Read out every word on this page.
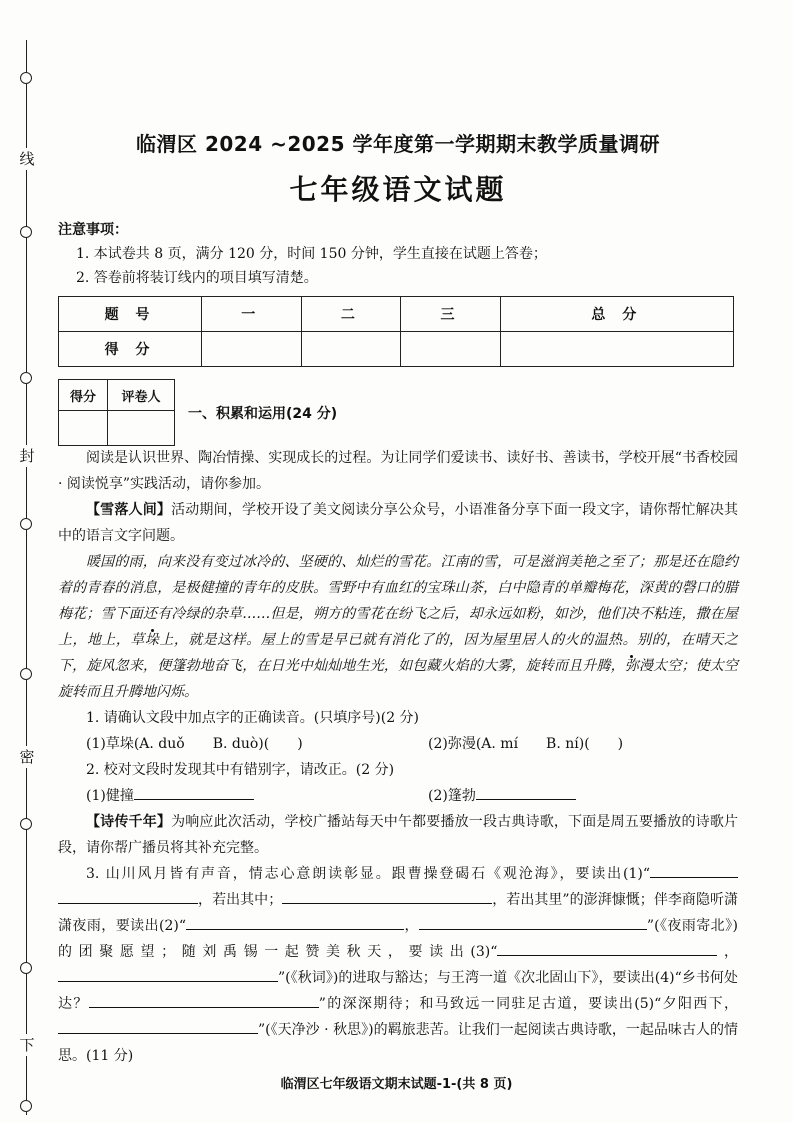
线
封
密
下
临渭区 2024 ~2025 学年度第一学期期末教学质量调研
七年级语文试题
注意事项：
1. 本试卷共 8 页，满分 120 分，时间 150 分钟，学生直接在试题上答卷；
2. 答卷前将装订线内的项目填写清楚。
题 号	一	二	三	总 分
得 分				
得分	评卷人

一、积累和运用(24 分)

阅读是认识世界、陶冶情操、实现成长的过程。为让同学们爱读书、读好书、善读书，学校开展“书香校园 · 阅读悦享”实践活动，请你参加。

【雪落人间】活动期间，学校开设了美文阅读分享公众号，小语准备分享下面一段文字，请你帮忙解决其中的语言文字问题。

暖国的雨，向来没有变过冰冷的、坚硬的、灿烂的雪花。江南的雪，可是滋润美艳之至了；那是还在隐约着的青春的消息，是极健撞的青年的皮肤。雪野中有血红的宝珠山茶，白中隐青的单瓣梅花，深黄的磬口的腊梅花；雪下面还有冷绿的杂草……但是，朔方的雪花在纷飞之后，却永远如粉，如沙，他们决不粘连，撒在屋上，地上，草垛上，就是这样。屋上的雪是早已就有消化了的，因为屋里居人的火的温热。别的，在晴天之下，旋风忽来，便篷勃地奋飞，在日光中灿灿地生光，如包藏火焰的大雾，旋转而且升腾，弥漫太空；使太空旋转而且升腾地闪烁。

1. 请确认文段中加点字的正确读音。(只填序号)(2 分)

(1)草垛(A. duǒ　　B. duò)(　　)	(2)弥漫(A. mí　　B. ní)(　　)

2. 校对文段时发现其中有错别字，请改正。(2 分)

(1)健撞	(2)篷勃

【诗传千年】为响应此次活动，学校广播站每天中午都要播放一段古典诗歌，下面是周五要播放的诗歌片段，请你帮广播员将其补充完整。

3. 山川风月皆有声音，情志心意朗读彰显。跟曹操登碣石《观沧海》，要读出(1)“，若出其中；	，若出其里”的澎湃慷慨；伴李商隐听潇潇夜雨，要读出(2)“	，	”(《夜雨寄北》)的团聚愿望；随刘禹锡一起赞美秋天，要读出(3)“	，”(《秋词》)的进取与豁达；与王湾一道《次北固山下》，要读出(4)“乡书何处达？	”的深深期待；和马致远一同驻足古道，要读出(5)“夕阳西下，”(《天净沙 · 秋思》)的羁旅悲苦。让我们一起阅读古典诗歌，一起品味古人的情思。(11 分)

临渭区七年级语文期末试题-1-(共 8 页)
